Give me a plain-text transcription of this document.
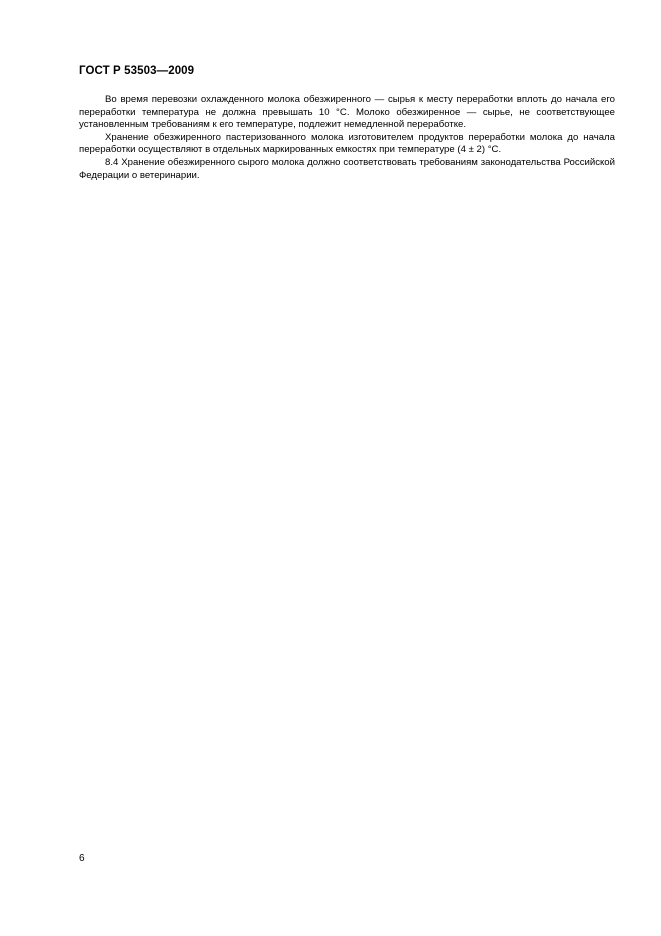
ГОСТ Р 53503—2009

Во время перевозки охлажденного молока обезжиренного — сырья к месту переработки вплоть до начала его переработки температура не должна превышать 10 °С. Молоко обезжиренное — сырье, не соответствующее установленным требованиям к его температуре, подлежит немедленной переработке.

Хранение обезжиренного пастеризованного молока изготовителем продуктов переработки молока до начала переработки осуществляют в отдельных маркированных емкостях при температуре (4 ± 2) °С.

8.4 Хранение обезжиренного сырого молока должно соответствовать требованиям законодательства Российской Федерации о ветеринарии.

6
